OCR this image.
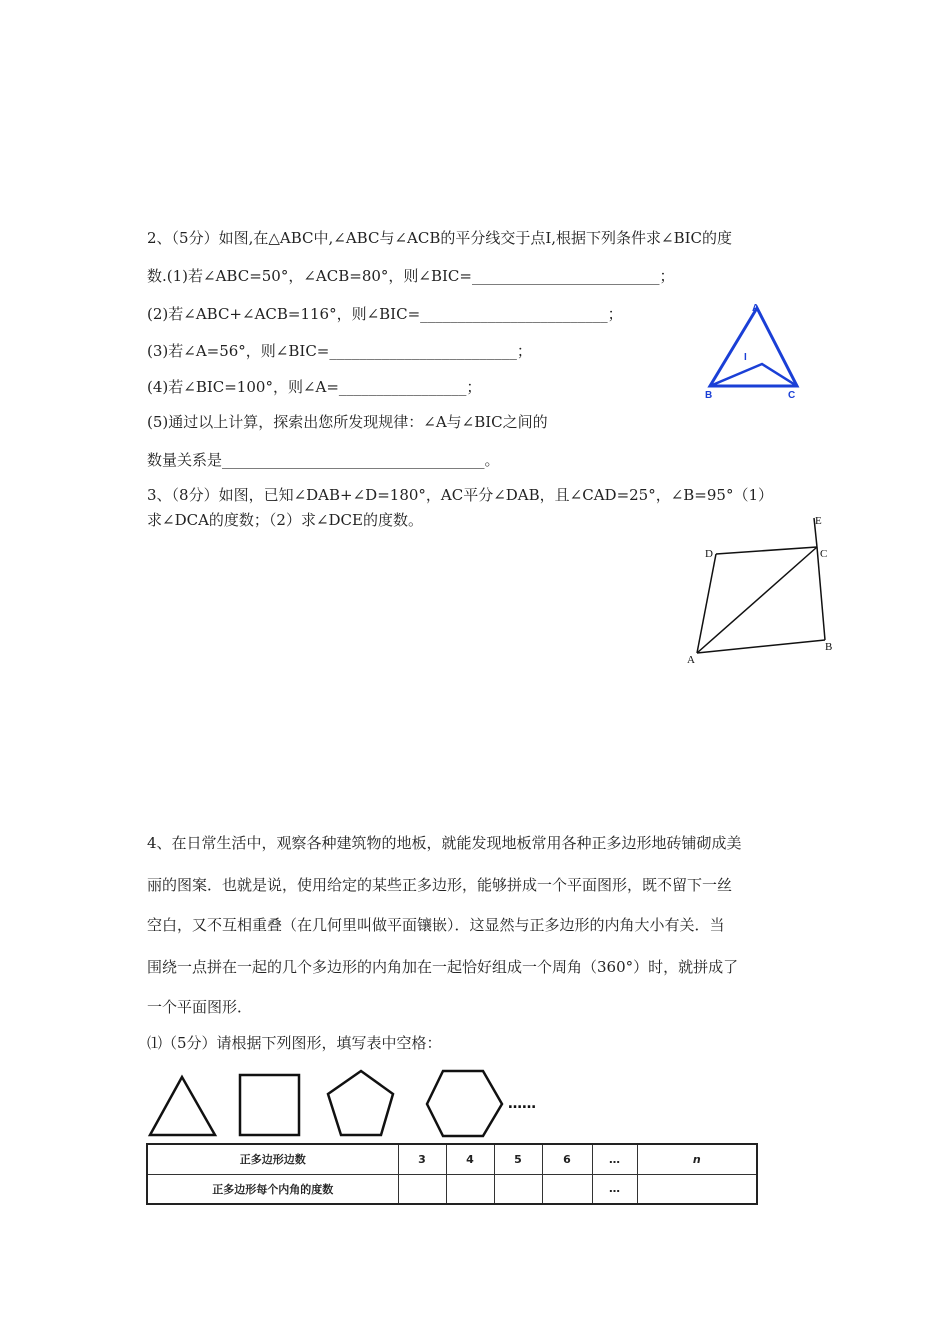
2、（5分）如图,在△ABC中,∠ABC与∠ACB的平分线交于点I,根据下列条件求∠BIC的度
数.(1)若∠ABC=50°，∠ACB=80°，则∠BIC=_________________________；
(2)若∠ABC+∠ACB=116°，则∠BIC=_________________________；
(3)若∠A=56°，则∠BIC=_________________________；
(4)若∠BIC=100°，则∠A=_________________；
(5)通过以上计算，探索出您所发现规律：∠A与∠BIC之间的
数量关系是___________________________________。
A
I
B	C
3、（8分）如图，已知∠DAB+∠D=180°，AC平分∠DAB，且∠CAD=25°，∠B=95°（1）
求∠DCA的度数；（2）求∠DCE的度数。	E
D	C
A
B
4、在日常生活中，观察各种建筑物的地板，就能发现地板常用各种正多边形地砖铺砌成美
丽的图案．也就是说，使用给定的某些正多边形，能够拼成一个平面图形，既不留下一丝
空白，又不互相重叠（在几何里叫做平面镶嵌）．这显然与正多边形的内角大小有关．当
围绕一点拼在一起的几个多边形的内角加在一起恰好组成一个周角（360°）时，就拼成了
一个平面图形．
⑴（5分）请根据下列图形，填写表中空格：
……
正多边形边数	3	4	5	6	…	n
正多边形每个内角的度数					…	
